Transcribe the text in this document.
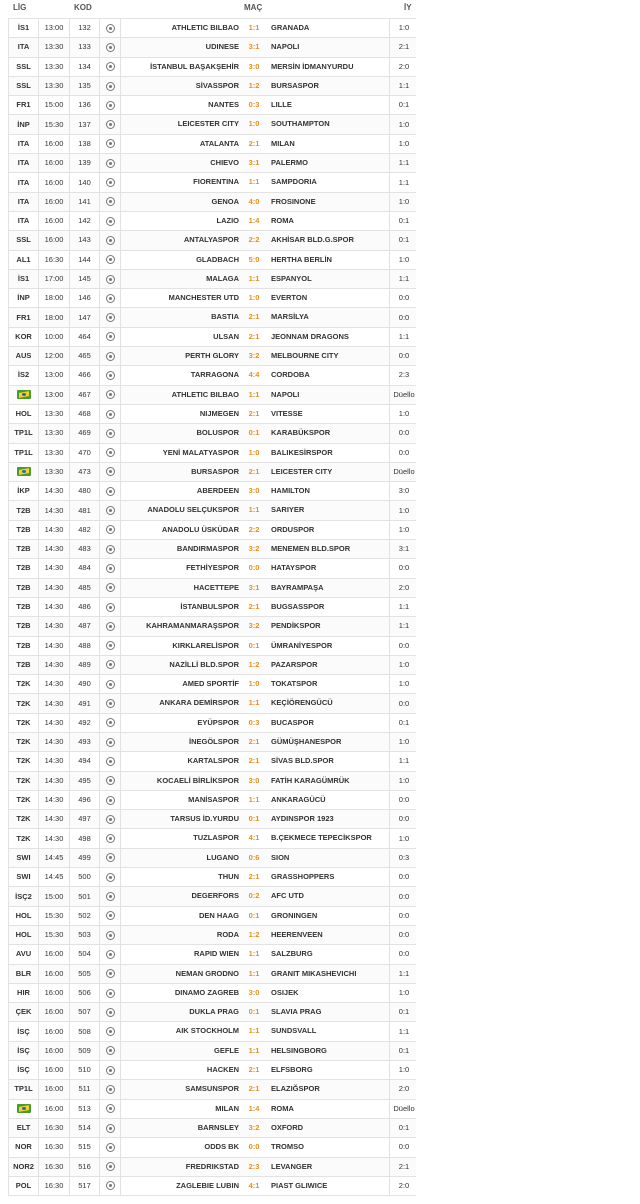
LİG	KOD	MAÇ	İY
İS1	13:00	132		ATHLETIC BILBAO 1:1 GRANADA	1:0
ITA	13:30	133		UDINESE 3:1 NAPOLI	2:1
SSL	13:30	134		İSTANBUL BAŞAKŞEHİR 3:0 MERSİN İDMANYURDU	2:0
SSL	13:30	135		SİVASSPOR 1:2 BURSASPOR	1:1
FR1	15:00	136		NANTES 0:3 LILLE	0:1
İNP	15:30	137		LEICESTER CITY 1:0 SOUTHAMPTON	1:0
ITA	16:00	138		ATALANTA 2:1 MILAN	1:0
ITA	16:00	139		CHIEVO 3:1 PALERMO	1:1
ITA	16:00	140		FIORENTINA 1:1 SAMPDORIA	1:1
ITA	16:00	141		GENOA 4:0 FROSINONE	1:0
ITA	16:00	142		LAZIO 1:4 ROMA	0:1
SSL	16:00	143		ANTALYASPOR 2:2 AKHİSAR BLD.G.SPOR	0:1
AL1	16:30	144		GLADBACH 5:0 HERTHA BERLİN	1:0
İS1	17:00	145		MALAGA 1:1 ESPANYOL	1:1
İNP	18:00	146		MANCHESTER UTD 1:0 EVERTON	0:0
FR1	18:00	147		BASTIA 2:1 MARSİLYA	0:0
KOR	10:00	464		ULSAN 2:1 JEONNAM DRAGONS	1:1
AUS	12:00	465		PERTH GLORY 3:2 MELBOURNE CITY	0:0
İS2	13:00	466		TARRAGONA 4:4 CORDOBA	2:3
	13:00	467		ATHLETIC BILBAO 1:1 NAPOLI	Düello
HOL	13:30	468		NIJMEGEN 2:1 VITESSE	1:0
TP1L	13:30	469		BOLUSPOR 0:1 KARABÜKSPOR	0:0
TP1L	13:30	470		YENİ MALATYASPOR 1:0 BALIKESİRSPOR	0:0
	13:30	473		BURSASPOR 2:1 LEICESTER CITY	Düello
İKP	14:30	480		ABERDEEN 3:0 HAMILTON	3:0
T2B	14:30	481		ANADOLU SELÇUKSPOR 1:1 SARIYER	1:0
T2B	14:30	482		ANADOLU ÜSKÜDAR 2:2 ORDUSPOR	1:0
T2B	14:30	483		BANDIRMASPOR 3:2 MENEMEN BLD.SPOR	3:1
T2B	14:30	484		FETHİYESPOR 0:0 HATAYSPOR	0:0
T2B	14:30	485		HACETTEPE 3:1 BAYRAMPAŞA	2:0
T2B	14:30	486		İSTANBULSPOR 2:1 BUGSASSPOR	1:1
T2B	14:30	487		KAHRAMANMARAŞSPOR 3:2 PENDİKSPOR	1:1
T2B	14:30	488		KIRKLARELİSPOR 0:1 ÜMRANİYESPOR	0:0
T2B	14:30	489		NAZİLLİ BLD.SPOR 1:2 PAZARSPOR	1:0
T2K	14:30	490		AMED SPORTİF 1:0 TOKATSPOR	1:0
T2K	14:30	491		ANKARA DEMİRSPOR 1:1 KEÇİÖRENGÜCÜ	0:0
T2K	14:30	492		EYÜPSPOR 0:3 BUCASPOR	0:1
T2K	14:30	493		İNEGÖLSPOR 2:1 GÜMÜŞHANESPOR	1:0
T2K	14:30	494		KARTALSPOR 2:1 SİVAS BLD.SPOR	1:1
T2K	14:30	495		KOCAELİ BİRLİKSPOR 3:0 FATİH KARAGÜMRÜK	1:0
T2K	14:30	496		MANİSASPOR 1:1 ANKARAGÜCÜ	0:0
T2K	14:30	497		TARSUS İD.YURDU 0:1 AYDINSPOR 1923	0:0
T2K	14:30	498		TUZLASPOR 4:1 B.ÇEKMECE TEPECİKSPOR	1:0
SWI	14:45	499		LUGANO 0:6 SION	0:3
SWI	14:45	500		THUN 2:1 GRASSHOPPERS	0:0
İSÇ2	15:00	501		DEGERFORS 0:2 AFC UTD	0:0
HOL	15:30	502		DEN HAAG 0:1 GRONINGEN	0:0
HOL	15:30	503		RODA 1:2 HEERENVEEN	0:0
AVU	16:00	504		RAPID WIEN 1:1 SALZBURG	0:0
BLR	16:00	505		NEMAN GRODNO 1:1 GRANIT MIKASHEVICHI	1:1
HIR	16:00	506		DINAMO ZAGREB 3:0 OSIJEK	1:0
ÇEK	16:00	507		DUKLA PRAG 0:1 SLAVIA PRAG	0:1
İSÇ	16:00	508		AIK STOCKHOLM 1:1 SUNDSVALL	1:1
İSÇ	16:00	509		GEFLE 1:1 HELSINGBORG	0:1
İSÇ	16:00	510		HACKEN 2:1 ELFSBORG	1:0
TP1L	16:00	511		SAMSUNSPOR 2:1 ELAZIĞSPOR	2:0
	16:00	513		MILAN 1:4 ROMA	Düello
ELT	16:30	514		BARNSLEY 3:2 OXFORD	0:1
NOR	16:30	515		ODDS BK 0:0 TROMSO	0:0
NOR2	16:30	516		FREDRIKSTAD 2:3 LEVANGER	2:1
POL	16:30	517		ZAGLEBIE LUBIN 4:1 PIAST GLIWICE	2:0
